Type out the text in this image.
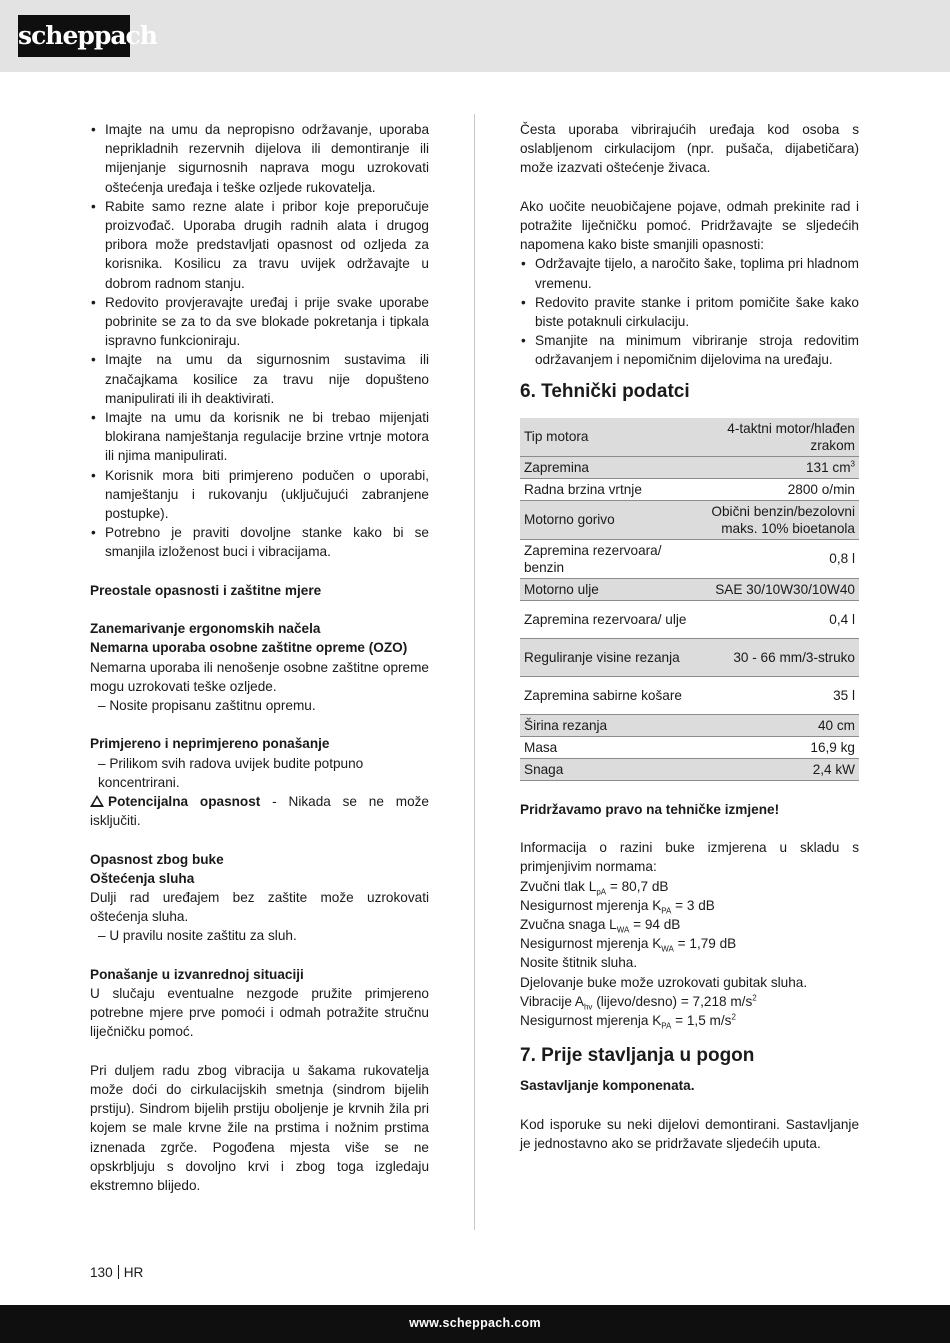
scheppach
• Imajte na umu da nepropisno održavanje, uporaba neprikladnih rezervnih dijelova ili demontiranje ili mijenjanje sigurnosnih naprava mogu uzrokovati oštećenja uređaja i teške ozljede rukovatelja.
• Rabite samo rezne alate i pribor koje preporučuje proizvođač. Uporaba drugih radnih alata i drugog pribora može predstavljati opasnost od ozljeda za korisnika. Kosilicu za travu uvijek održavajte u dobrom radnom stanju.
• Redovito provjeravajte uređaj i prije svake uporabe pobrinite se za to da sve blokade pokretanja i tipkala ispravno funkcioniraju.
• Imajte na umu da sigurnosnim sustavima ili značajkama kosilice za travu nije dopušteno manipulirati ili ih deaktivirati.
• Imajte na umu da korisnik ne bi trebao mijenjati blokirana namještanja regulacije brzine vrtnje motora ili njima manipulirati.
• Korisnik mora biti primjereno podučen o uporabi, namještanju i rukovanju (uključujući zabranjene postupke).
• Potrebno je praviti dovoljne stanke kako bi se smanjila izloženost buci i vibracijama.

Preostale opasnosti i zaštitne mjere

Zanemarivanje ergonomskih načela

Nemarna uporaba osobne zaštitne opreme (OZO)

Nemarna uporaba ili nenošenje osobne zaštitne opreme mogu uzrokovati teške ozljede.

– Nosite propisanu zaštitnu opremu.

Primjereno i neprimjereno ponašanje

– Prilikom svih radova uvijek budite potpuno koncentrirani.

Potencijalna opasnost - Nikada se ne može isključiti.

Opasnost zbog buke

Oštećenja sluha

Dulji rad uređajem bez zaštite može uzrokovati oštećenja sluha.

– U pravilu nosite zaštitu za sluh.

Ponašanje u izvanrednoj situaciji

U slučaju eventualne nezgode pružite primjereno potrebne mjere prve pomoći i odmah potražite stručnu liječničku pomoć.

Pri duljem radu zbog vibracija u šakama rukovatelja može doći do cirkulacijskih smetnja (sindrom bijelih prstiju). Sindrom bijelih prstiju oboljenje je krvnih žila pri kojem se male krvne žile na prstima i nožnim prstima iznenada zgrče. Pogođena mjesta više se ne opskrbljuju s dovoljno krvi i zbog toga izgledaju ekstremno blijedo.

Česta uporaba vibrirajućih uređaja kod osoba s oslabljenom cirkulacijom (npr. pušača, dijabetičara) može izazvati oštećenje živaca.

Ako uočite neuobičajene pojave, odmah prekinite rad i potražite liječničku pomoć. Pridržavajte se sljedećih napomena kako biste smanjili opasnosti:

• Održavajte tijelo, a naročito šake, toplima pri hladnom vremenu.
• Redovito pravite stanke i pritom pomičite šake kako biste potaknuli cirkulaciju.
• Smanjite na minimum vibriranje stroja redovitim održavanjem i nepomičnim dijelovima na uređaju.
6. Tehnički podatci
Tip motora	4-taktni motor/hlađen zrakom
Zapremina	131 $cm^3$
Radna brzina vrtnje	2800 o/min
Motorno gorivo	Obični benzin/bezolovni maks. 10% bioetanola
Zapremina rezervoara/ benzin	0,8 l
Motorno ulje	SAE 30/10W30/10W40
Zapremina rezervoara/ ulje	0,4 l
Reguliranje visine rezanja	30 - 66 mm/3-struko
Zapremina sabirne košare	35 l
Širina rezanja	40 cm
Masa	16,9 kg
Snaga	2,4 kW

Pridržavamo pravo na tehničke izmjene!

Informacija o razini buke izmjerena u skladu s primjenjivim normama:

Zvučni tlak $L_{pA} = 80,7$ dB

Nesigurnost mjerenja $K_{PA} = 3$ dB

Zvučna snaga $L_{WA} = 94$ dB

Nesigurnost mjerenja $K_{WA} = 1,79$ dB

Nosite štitnik sluha.

Djelovanje buke može uzrokovati gubitak sluha.

Vibracije $A_{hv}$ (lijevo/desno) = 7,218 $m/s^2$

Nesigurnost mjerenja $K_{PA} = 1,5$ $m/s^2$

7. Prije stavljanja u pogon

Sastavljanje komponenata.

Kod isporuke su neki dijelovi demontirani. Sastavljanje je jednostavno ako se pridržavate sljedećih uputa.

130 HR
www.scheppach.com
